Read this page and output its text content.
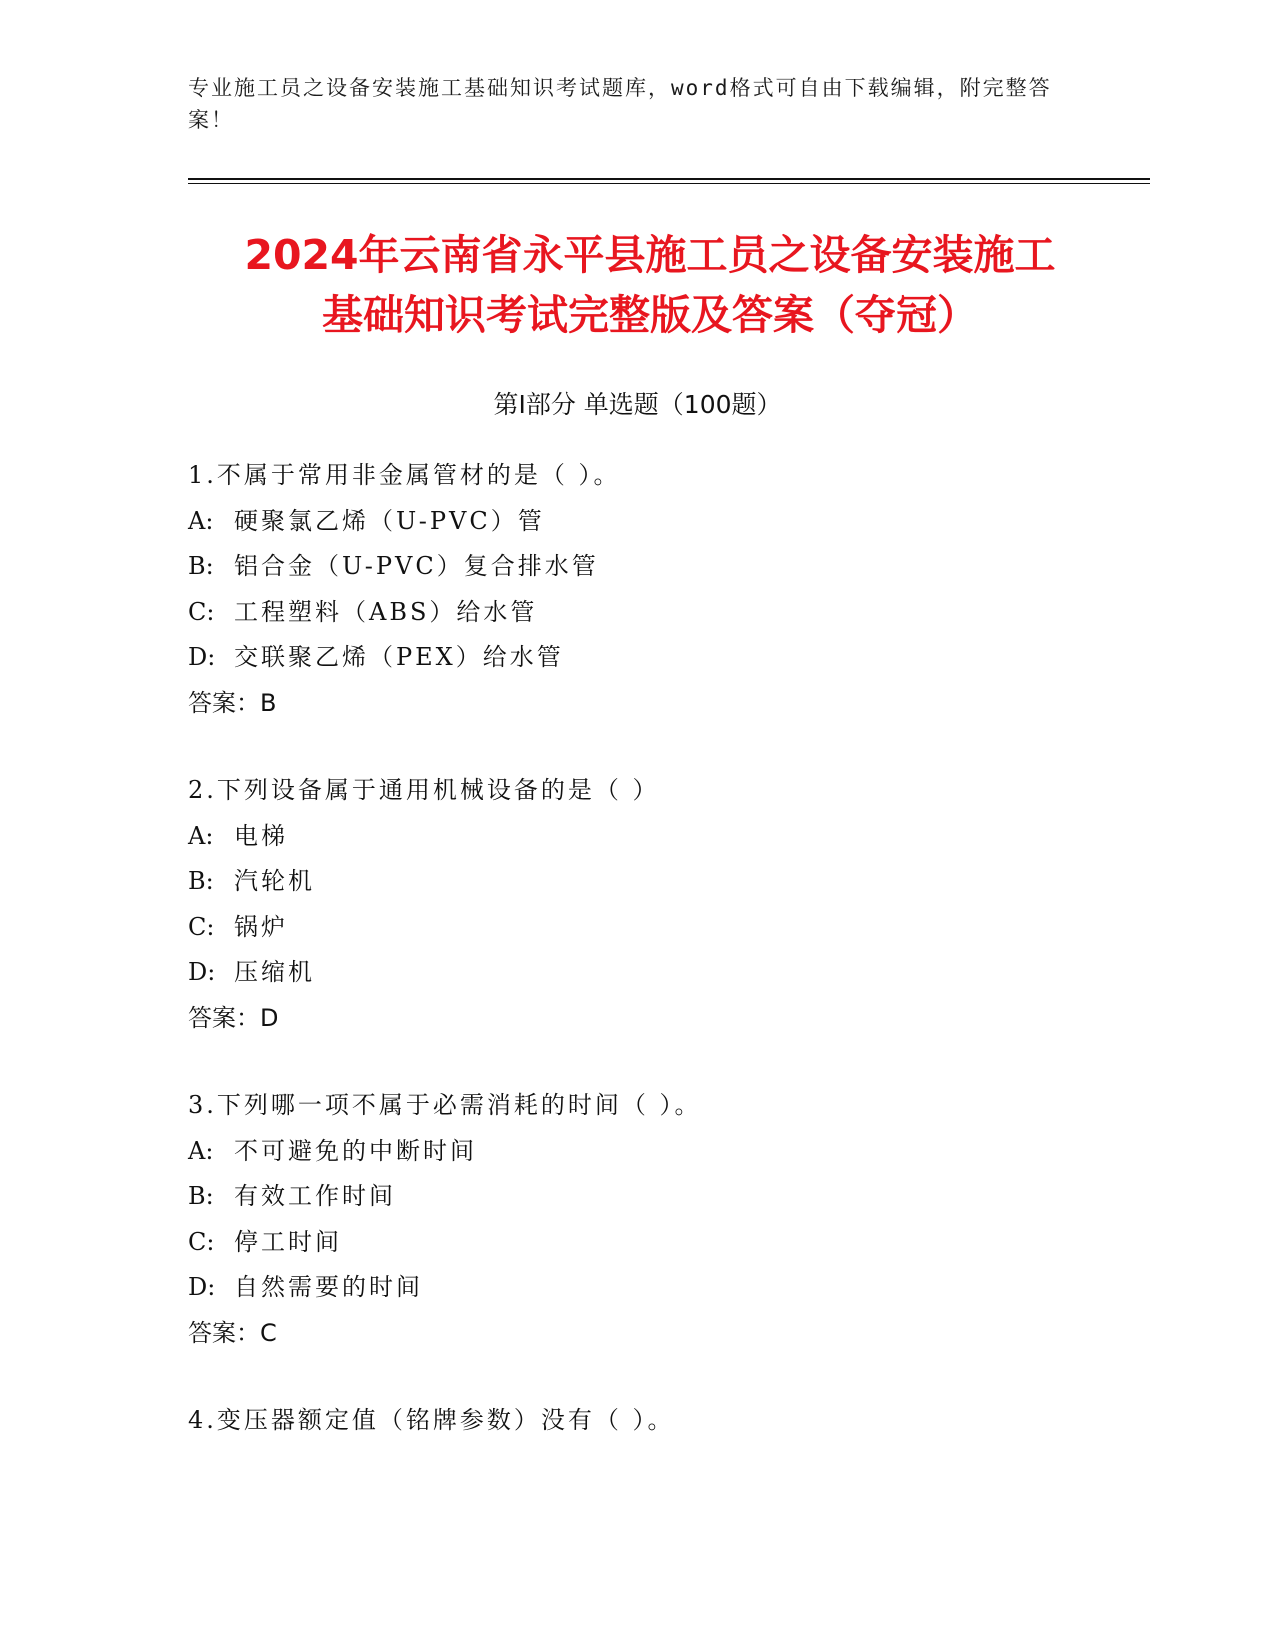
专业施工员之设备安装施工基础知识考试题库，word格式可自由下载编辑，附完整答案！
2024年云南省永平县施工员之设备安装施工
基础知识考试完整版及答案（夺冠）
第Ⅰ部分 单选题（100题）
1.不属于常用非金属管材的是（ ）。
A: 硬聚氯乙烯（U-PVC）管
B: 铝合金（U-PVC）复合排水管
C: 工程塑料（ABS）给水管
D: 交联聚乙烯（PEX）给水管
答案：B
2.下列设备属于通用机械设备的是（ ）
A: 电梯
B: 汽轮机
C: 锅炉
D: 压缩机
答案：D
3.下列哪一项不属于必需消耗的时间（ ）。
A: 不可避免的中断时间
B: 有效工作时间
C: 停工时间
D: 自然需要的时间
答案：C
4.变压器额定值（铭牌参数）没有（ ）。
